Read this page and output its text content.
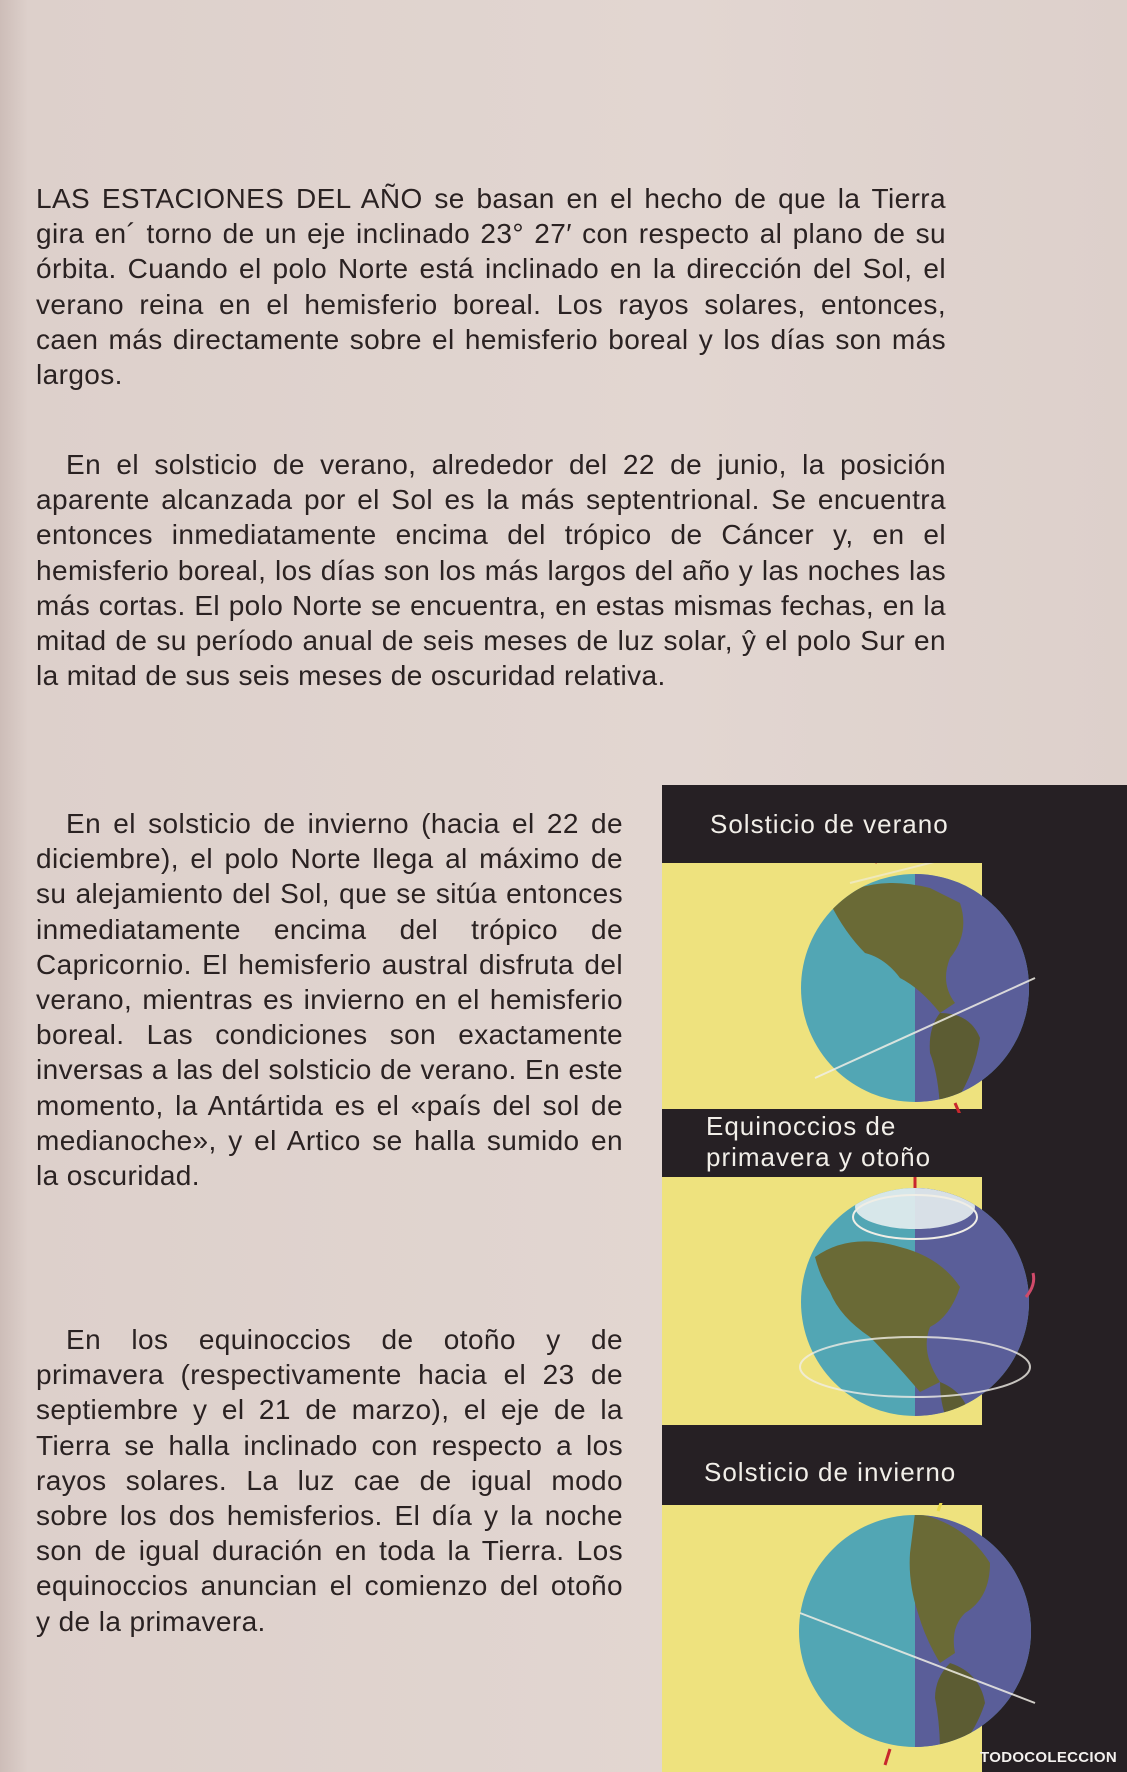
LAS ESTACIONES DEL AÑO se basan en el hecho de que la Tierra gira en´ torno de un eje inclinado 23° 27′ con respecto al plano de su órbita. Cuando el polo Norte está inclinado en la dirección del Sol, el verano reina en el hemisferio boreal. Los rayos solares, entonces, caen más directamente sobre el hemisferio boreal y los días son más largos.

En el solsticio de verano, alrededor del 22 de junio, la posición aparente alcanzada por el Sol es la más septentrional. Se encuentra entonces inmediatamente encima del trópico de Cáncer y, en el hemisferio boreal, los días son los más largos del año y las noches las más cortas. El polo Norte se encuentra, en estas mismas fechas, en la mitad de su período anual de seis meses de luz solar, ŷ el polo Sur en la mitad de sus seis meses de oscuridad relativa.

En el solsticio de invierno (hacia el 22 de diciembre), el polo Norte llega al máximo de su alejamiento del Sol, que se sitúa entonces inmediatamente encima del trópico de Capricornio. El hemisferio austral disfruta del verano, mientras es invierno en el hemisferio boreal. Las condiciones son exactamente inversas a las del solsticio de verano. En este momento, la Antártida es el «país del sol de medianoche», y el Artico se halla sumido en la oscuridad.

En los equinoccios de otoño y de primavera (respectivamente hacia el 23 de septiembre y el 21 de marzo), el eje de la Tierra se halla inclinado con respecto a los rayos solares. La luz cae de igual modo sobre los dos hemisferios. El día y la noche son de igual duración en toda la Tierra. Los equinoccios anuncian el comienzo del otoño y de la primavera.

Solsticio de verano
Equinoccios de
primavera y otoño
Solsticio de invierno
TODOCOLECCION
